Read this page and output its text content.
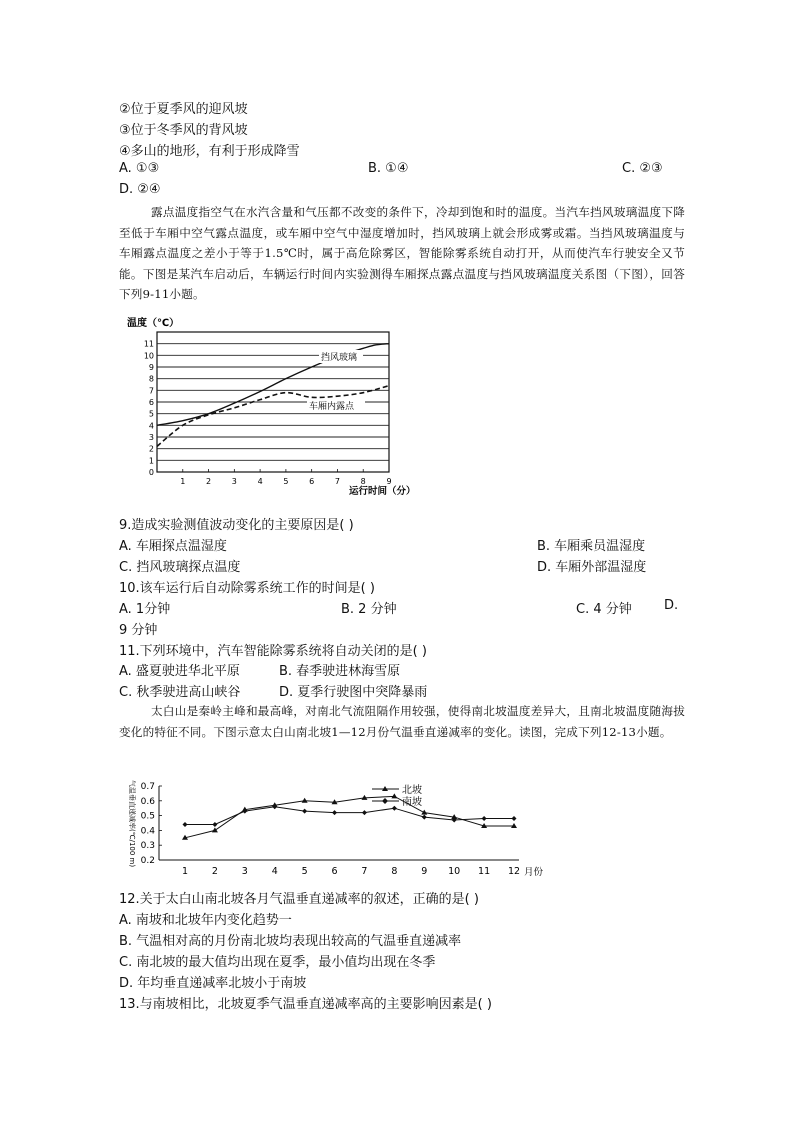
②位于夏季风的迎风坡
③位于冬季风的背风坡
④多山的地形，有利于形成降雪
A. ①③	B. ①④	C. ②③
D. ②④
露点温度指空气在水汽含量和气压都不改变的条件下，冷却到饱和时的温度。当汽车挡风玻璃温度下降至低于车厢中空气露点温度，或车厢中空气中湿度增加时，挡风玻璃上就会形成雾或霜。当挡风玻璃温度与车厢露点温度之差小于等于1.5℃时，属于高危除雾区，智能除雾系统自动打开，从而使汽车行驶安全又节能。下图是某汽车启动后，车辆运行时间内实验测得车厢探点露点温度与挡风玻璃温度关系图（下图），回答下列9-11小题。
温度（℃）
0
1
2
3
4
5
6
7
8
9
10
11
1	2	3	4	5	6	7	8	9
挡风玻璃
车厢内露点
运行时间（分）
9.造成实验测值波动变化的主要原因是( )
A. 车厢探点温湿度	B. 车厢乘员温湿度
C. 挡风玻璃探点温度	D. 车厢外部温湿度
10.该车运行后自动除雾系统工作的时间是( )
A. 1分钟	B. 2 分钟	C. 4 分钟 D.
9 分钟
11.下列环境中，汽车智能除雾系统将自动关闭的是( )
A. 盛夏驶进华北平原	B. 春季驶进林海雪原
C. 秋季驶进高山峡谷	D. 夏季行驶图中突降暴雨
太白山是秦岭主峰和最高峰，对南北气流阻隔作用较强，使得南北坡温度差异大，且南北坡温度随海拔变化的特征不同。下图示意太白山南北坡1—12月份气温垂直递减率的变化。读图，完成下列12-13小题。
气温垂直递减率(℃/100 m) 0.7
0.6
0.5
0.4
0.3
0.2
1	2	3	4	5	6	7	8	9 10 11 12
北坡
南坡
月份
12.关于太白山南北坡各月气温垂直递减率的叙述，正确的是( )
A. 南坡和北坡年内变化趋势一
B. 气温相对高的月份南北坡均表现出较高的气温垂直递减率
C. 南北坡的最大值均出现在夏季，最小值均出现在冬季
D. 年均垂直递减率北坡小于南坡
13.与南坡相比，北坡夏季气温垂直递减率高的主要影响因素是( )
